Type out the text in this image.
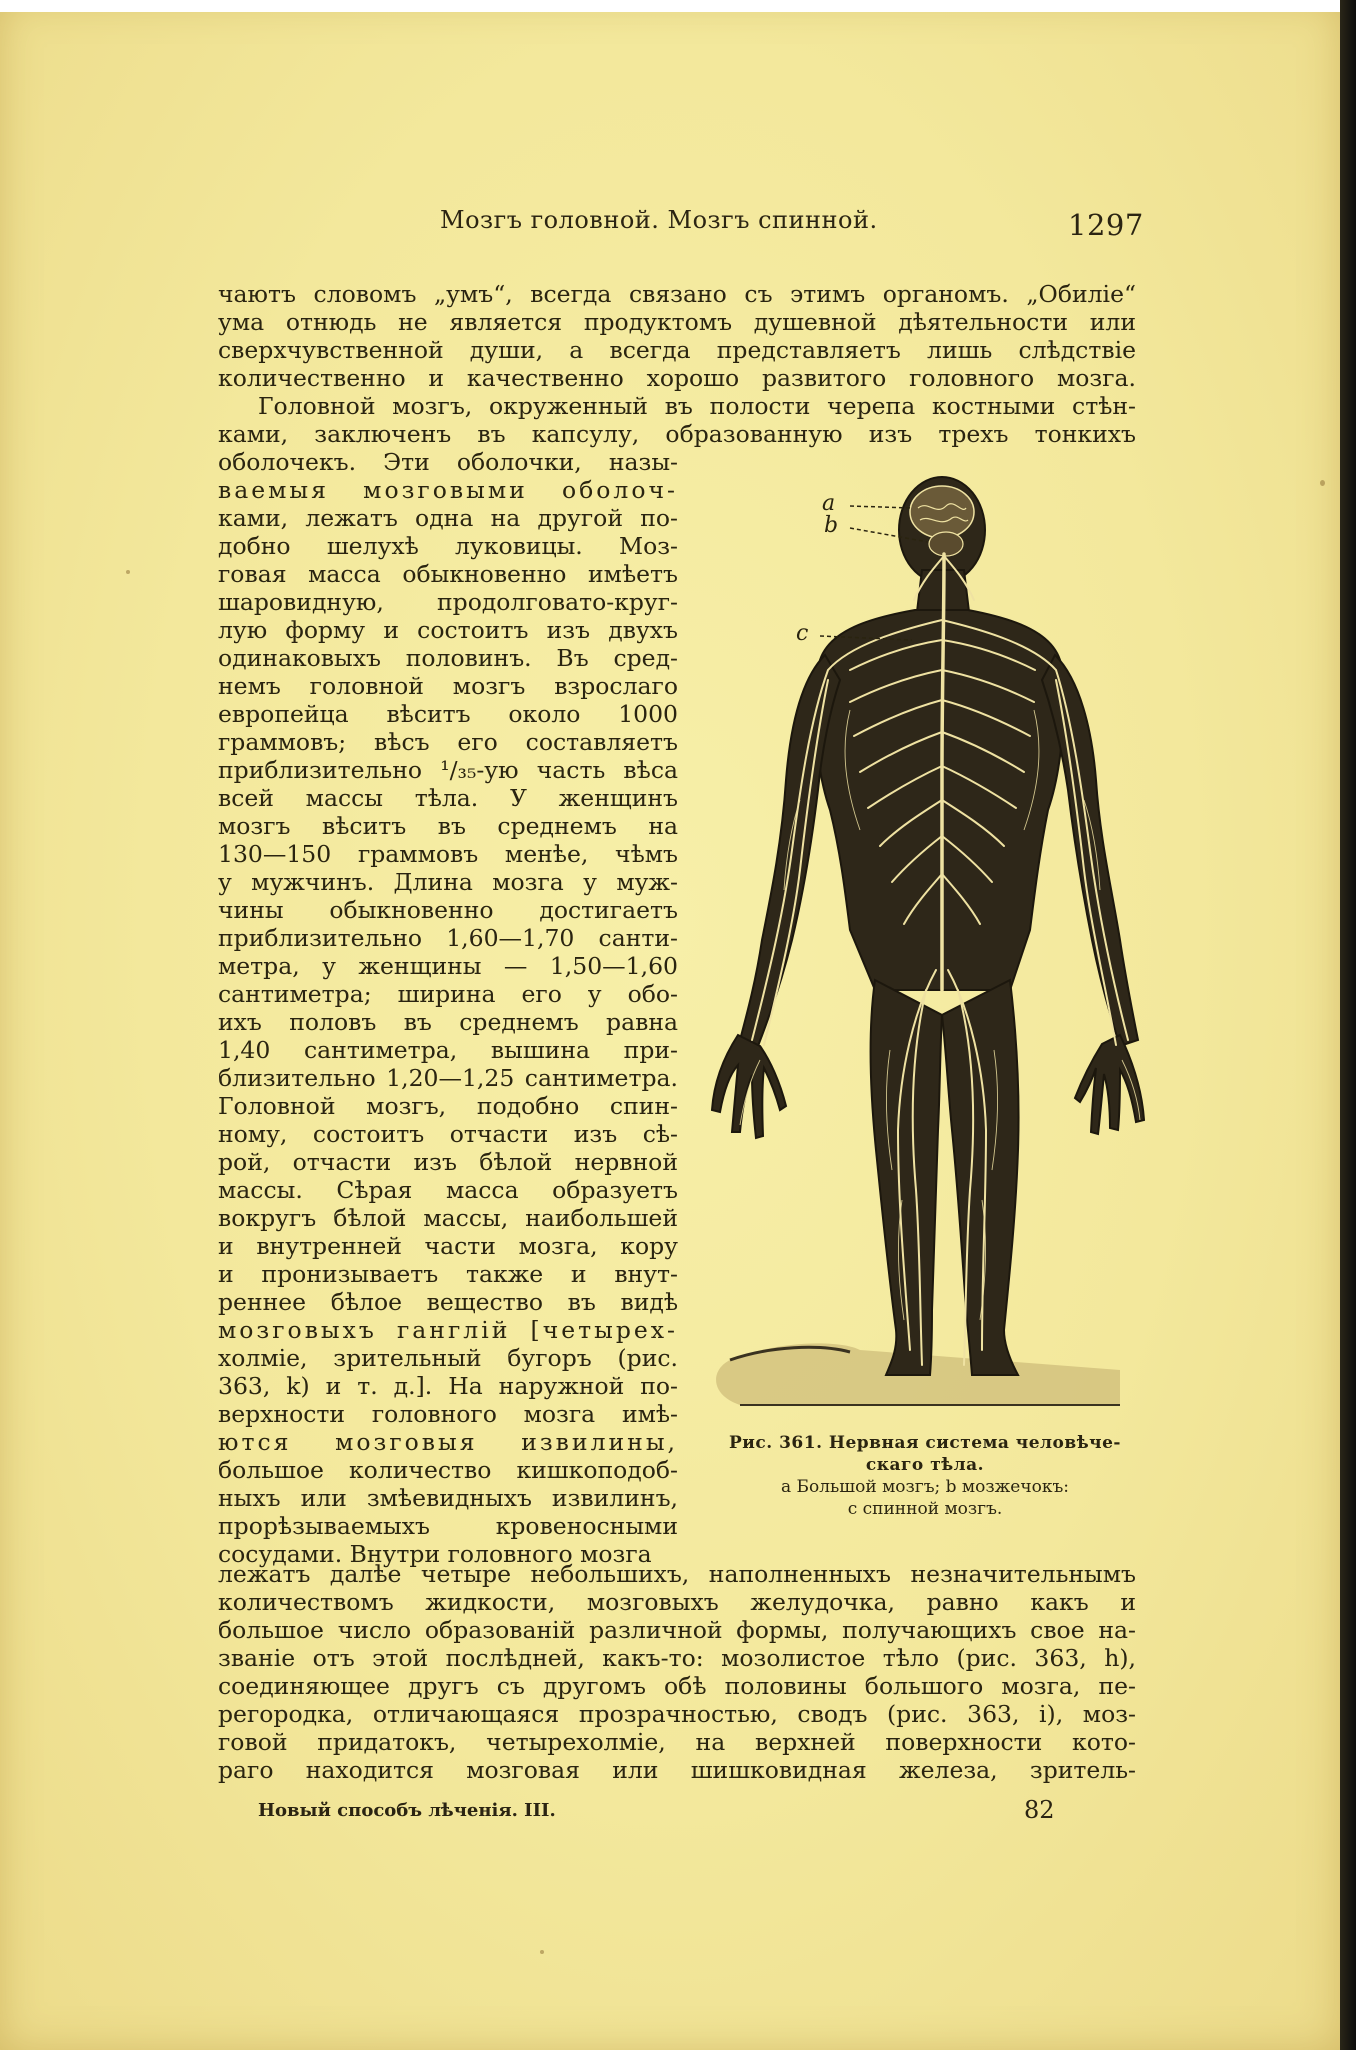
Мозгъ головной. Мозгъ спинной.	1297
чаютъ словомъ „умъ“, всегда связано съ этимъ органомъ. „Обиліе“
ума отнюдь не является продуктомъ душевной дѣятельности или
сверхчувственной души, а всегда представляетъ лишь слѣдствіе
количественно и качественно хорошо развитого головного мозга.
Головной мозгъ, окруженный въ полости черепа костными стѣн-
ками, заключенъ въ капсулу, образованную изъ трехъ тонкихъ
оболочекъ. Эти оболочки, назы-
ваемыя мозговыми оболоч-
ками, лежатъ одна на другой по-
добно шелухѣ луковицы. Моз-
говая масса обыкновенно имѣетъ
шаровидную, продолговато-круг-
лую форму и состоитъ изъ двухъ
одинаковыхъ половинъ. Въ сред-
немъ головной мозгъ взрослаго
европейца вѣситъ около 1000
граммовъ; вѣсъ его составляетъ
приблизительно ¹/₃₅-ую часть вѣса
всей массы тѣла. У женщинъ
мозгъ вѣситъ въ среднемъ на
130—150 граммовъ менѣе, чѣмъ
у мужчинъ. Длина мозга у муж-
чины обыкновенно достигаетъ
приблизительно 1,60—1,70 санти-
метра, у женщины — 1,50—1,60
сантиметра; ширина его у обо-
ихъ половъ въ среднемъ равна
1,40 сантиметра, вышина при-
близительно 1,20—1,25 сантиметра.
Головной мозгъ, подобно спин-
ному, состоитъ отчасти изъ сѣ-
рой, отчасти изъ бѣлой нервной
массы. Сѣрая масса образуетъ
вокругъ бѣлой массы, наибольшей
и внутренней части мозга, кору
и пронизываетъ также и внут-
реннее бѣлое вещество въ видѣ
мозговыхъ ганглій [четырех-
холміе, зрительный бугоръ (рис.
363, k) и т. д.]. На наружной по-
верхности головного мозга имѣ-
ются мозговыя извилины,
большое количество кишкоподоб-
ныхъ или змѣевидныхъ извилинъ,
прорѣзываемыхъ кровеносными
сосудами. Внутри головного мозга
a
b
c
Рис. 361. Нервная система человѣче-
скаго тѣла.
a Большой мозгъ; b мозжечокъ:
c спинной мозгъ.
лежатъ далѣе четыре небольшихъ, наполненныхъ незначительнымъ
количествомъ жидкости, мозговыхъ желудочка, равно какъ и
большое число образованій различной формы, получающихъ свое на-
званіе отъ этой послѣдней, какъ-то: мозолистое тѣло (рис. 363, h),
соединяющее другъ съ другомъ обѣ половины большого мозга, пе-
регородка, отличающаяся прозрачностью, сводъ (рис. 363, i), моз-
говой придатокъ, четырехолміе, на верхней поверхности кото-
раго находится мозговая или шишковидная железа, зритель-
Новый способъ лѣченія. III.	82
